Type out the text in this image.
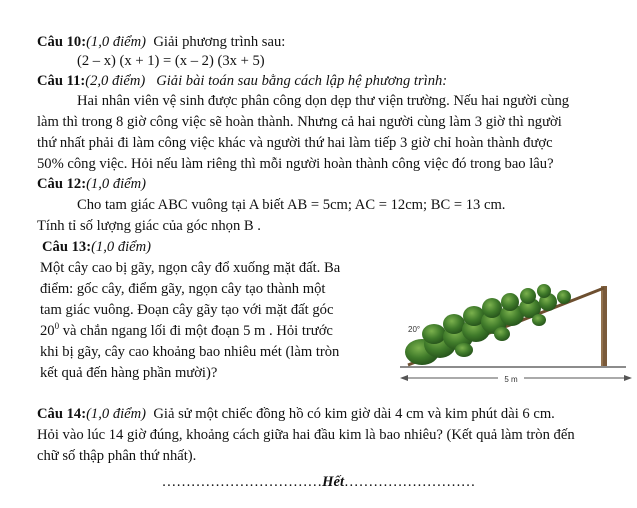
Câu 10:(1,0 điểm) Giải phương trình sau:
(2 – x) (x + 1) = (x – 2) (3x + 5)
Câu 11:(2,0 điểm) Giải bài toán sau bằng cách lập hệ phương trình:
Hai nhân viên vệ sinh được phân công dọn dẹp thư viện trường. Nếu hai người cùng
làm thì trong 8 giờ công việc sẽ hoàn thành. Nhưng cả hai người cùng làm 3 giờ thì người
thứ nhất phải đi làm công việc khác và người thứ hai làm tiếp 3 giờ chỉ hoàn thành được
50% công việc. Hỏi nếu làm riêng thì mỗi người hoàn thành công việc đó trong bao lâu?
Câu 12:(1,0 điểm)
Cho tam giác ABC vuông tại A biết AB = 5cm; AC = 12cm; BC = 13 cm.
Tính tỉ số lượng giác của góc nhọn B .
Câu 13:(1,0 điểm)
Một cây cao bị gãy, ngọn cây đổ xuống mặt đất. Ba
điểm: gốc cây, điểm gãy, ngọn cây tạo thành một
tam giác vuông. Đoạn cây gãy tạo với mặt đất góc
$20^0$ và chắn ngang lối đi một đoạn 5 m . Hỏi trước
khi bị gãy, cây cao khoảng bao nhiêu mét (làm tròn
kết quả đến hàng phần mười)?
20°
5 m
Câu 14:(1,0 điểm) Giả sử một chiếc đồng hồ có kim giờ dài 4 cm và kim phút dài 6 cm.
Hỏi vào lúc 14 giờ đúng, khoảng cách giữa hai đầu kim là bao nhiêu? (Kết quả làm tròn đến
chữ số thập phân thứ nhất).
……………………………Hết………………………
